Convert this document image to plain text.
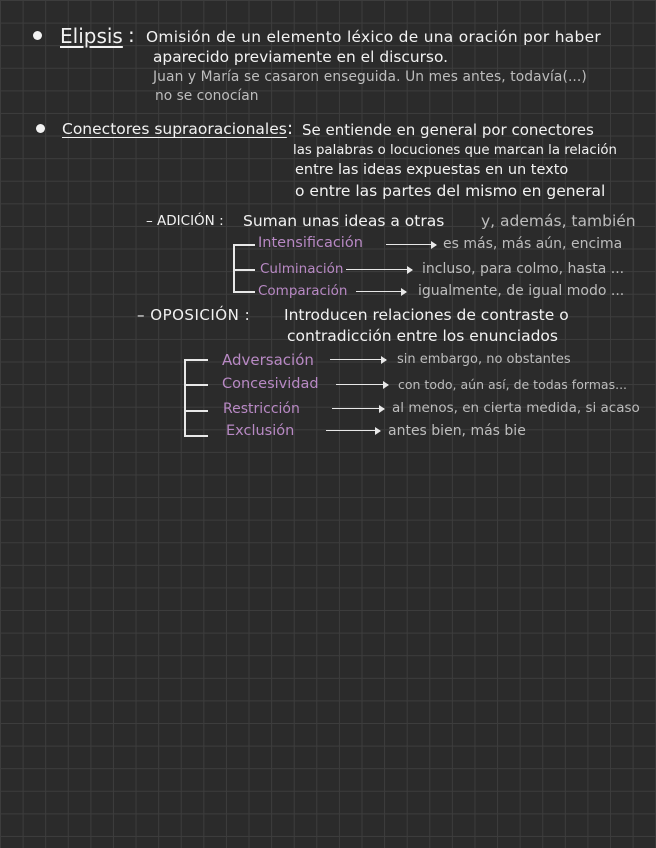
Elipsis : Omisión de un elemento léxico de una oración por haber
aparecido previamente en el discurso.
Juan y María se casaron enseguida. Un mes antes, todavía(...)
no se conocían
Conectores supraoracionales : Se entiende en general por conectores
las palabras o locuciones que marcan la relación
entre las ideas expuestas en un texto
o entre las partes del mismo en general
– ADICIÓN : Suman unas ideas a otras y, además, también
Intensificación	es más, más aún, encima
Culminación	incluso, para colmo, hasta ...
Comparación	igualmente, de igual modo ...
– OPOSICIÓN : Introducen relaciones de contraste o
contradicción entre los enunciados
Adversación	sin embargo, no obstantes
Concesividad	con todo, aún así, de todas formas...
Restricción	al menos, en cierta medida, si acaso
Exclusión	antes bien, más bie
